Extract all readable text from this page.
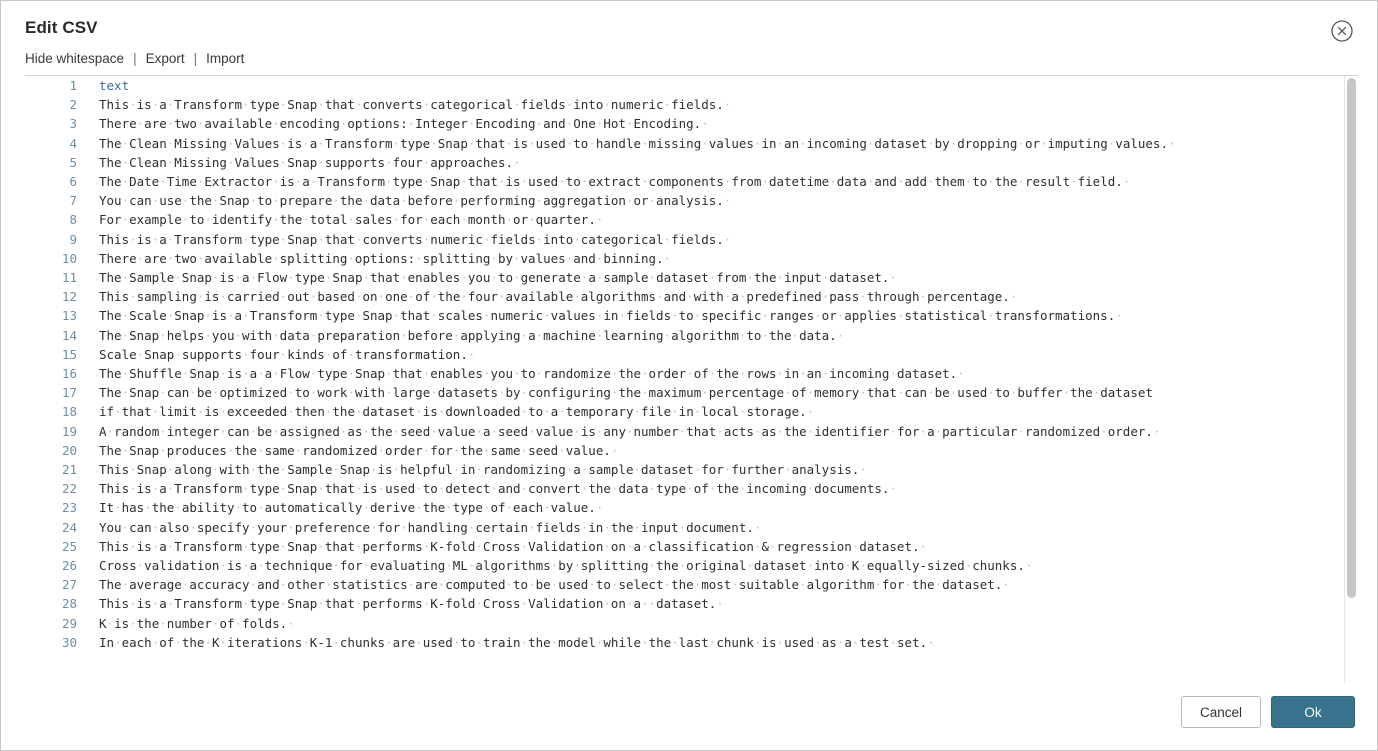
Edit CSV
Hide whitespace | Export | Import
1	text
2	This·is·a·Transform·type·Snap·that·converts·categorical·fields·into·numeric·fields.·
3	There·are·two·available·encoding·options:·Integer·Encoding·and·One·Hot·Encoding.·
4	The·Clean·Missing·Values·is·a·Transform·type·Snap·that·is·used·to·handle·missing·values·in·an·incoming·dataset·by·dropping·or·imputing·values.·
5	The·Clean·Missing·Values·Snap·supports·four·approaches.·
6	The·Date·Time·Extractor·is·a·Transform·type·Snap·that·is·used·to·extract·components·from·datetime·data·and·add·them·to·the·result·field.·
7	You·can·use·the·Snap·to·prepare·the·data·before·performing·aggregation·or·analysis.·
8	For·example·to·identify·the·total·sales·for·each·month·or·quarter.·
9	This·is·a·Transform·type·Snap·that·converts·numeric·fields·into·categorical·fields.·
10	There·are·two·available·splitting·options:·splitting·by·values·and·binning.·
11	The·Sample·Snap·is·a·Flow·type·Snap·that·enables·you·to·generate·a·sample·dataset·from·the·input·dataset.·
12	This·sampling·is·carried·out·based·on·one·of·the·four·available·algorithms·and·with·a·predefined·pass·through·percentage.·
13	The·Scale·Snap·is·a·Transform·type·Snap·that·scales·numeric·values·in·fields·to·specific·ranges·or·applies·statistical·transformations.·
14	The·Snap·helps·you·with·data·preparation·before·applying·a·machine·learning·algorithm·to·the·data.·
15	Scale·Snap·supports·four·kinds·of·transformation.·
16	The·Shuffle·Snap·is·a·a·Flow·type·Snap·that·enables·you·to·randomize·the·order·of·the·rows·in·an·incoming·dataset.·
17	The·Snap·can·be·optimized·to·work·with·large·datasets·by·configuring·the·maximum·percentage·of·memory·that·can·be·used·to·buffer·the·dataset
18	if·that·limit·is·exceeded·then·the·dataset·is·downloaded·to·a·temporary·file·in·local·storage.·
19	A·random·integer·can·be·assigned·as·the·seed·value·a·seed·value·is·any·number·that·acts·as·the·identifier·for·a·particular·randomized·order.·
20	The·Snap·produces·the·same·randomized·order·for·the·same·seed·value.·
21	This·Snap·along·with·the·Sample·Snap·is·helpful·in·randomizing·a·sample·dataset·for·further·analysis.·
22	This·is·a·Transform·type·Snap·that·is·used·to·detect·and·convert·the·data·type·of·the·incoming·documents.·
23	It·has·the·ability·to·automatically·derive·the·type·of·each·value.·
24	You·can·also·specify·your·preference·for·handling·certain·fields·in·the·input·document.·
25	This·is·a·Transform·type·Snap·that·performs·K-fold·Cross·Validation·on·a·classification·&·regression·dataset.·
26	Cross·validation·is·a·technique·for·evaluating·ML·algorithms·by·splitting·the·original·dataset·into·K·equally-sized·chunks.·
27	The·average·accuracy·and·other·statistics·are·computed·to·be·used·to·select·the·most·suitable·algorithm·for·the·dataset.·
28	This·is·a·Transform·type·Snap·that·performs·K-fold·Cross·Validation·on·a··dataset.·
29	K·is·the·number·of·folds.·
30	In·each·of·the·K·iterations·K-1·chunks·are·used·to·train·the·model·while·the·last·chunk·is·used·as·a·test·set.·
Cancel	Ok
